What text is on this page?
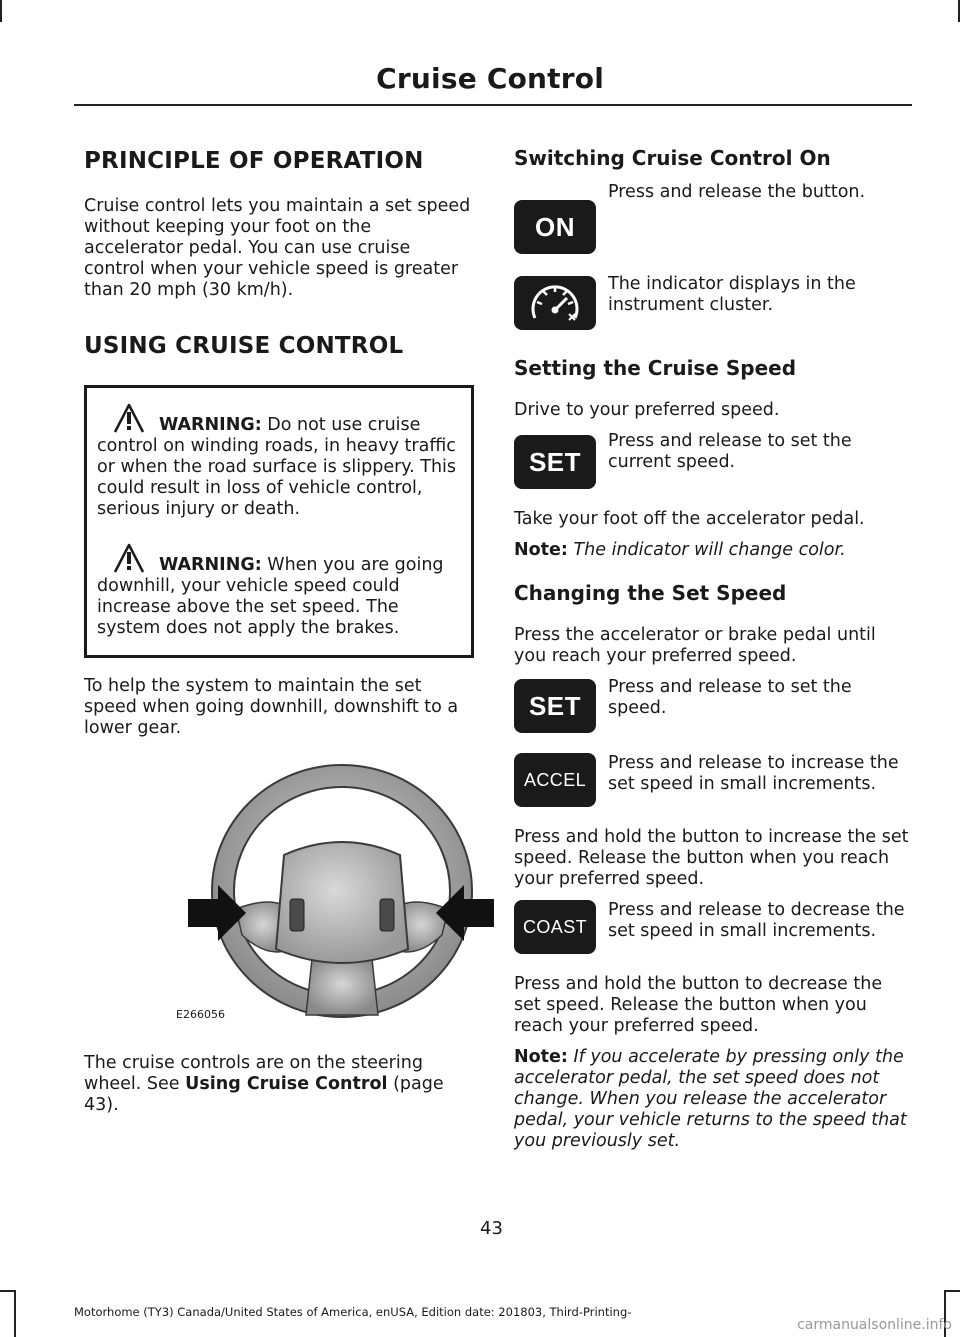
Cruise Control
PRINCIPLE OF OPERATION

Cruise control lets you maintain a set speed without keeping your foot on the accelerator pedal. You can use cruise control when your vehicle speed is greater than 20 mph (30 km/h).

USING CRUISE CONTROL

WARNING: Do not use cruise control on winding roads, in heavy traffic or when the road surface is slippery. This could result in loss of vehicle control, serious injury or death.

WARNING: When you are going downhill, your vehicle speed could increase above the set speed. The system does not apply the brakes.

To help the system to maintain the set speed when going downhill, downshift to a lower gear.

E266056

The cruise controls are on the steering wheel. See Using Cruise Control (page 43).

Switching Cruise Control On
ON
Press and release the button.
The indicator displays in the instrument cluster.
Setting the Cruise Speed

Drive to your preferred speed.

SET
Press and release to set the current speed.

Take your foot off the accelerator pedal.

Note: The indicator will change color.

Changing the Set Speed

Press the accelerator or brake pedal until you reach your preferred speed.

SET
Press and release to set the speed.
ACCEL
Press and release to increase the set speed in small increments.

Press and hold the button to increase the set speed. Release the button when you reach your preferred speed.

COAST
Press and release to decrease the set speed in small increments.

Press and hold the button to decrease the set speed. Release the button when you reach your preferred speed.

Note: If you accelerate by pressing only the accelerator pedal, the set speed does not change. When you release the accelerator pedal, your vehicle returns to the speed that you previously set.

43
Motorhome (TY3) Canada/United States of America, enUSA, Edition date: 201803, Third-Printing-
carmanualsonline.info
